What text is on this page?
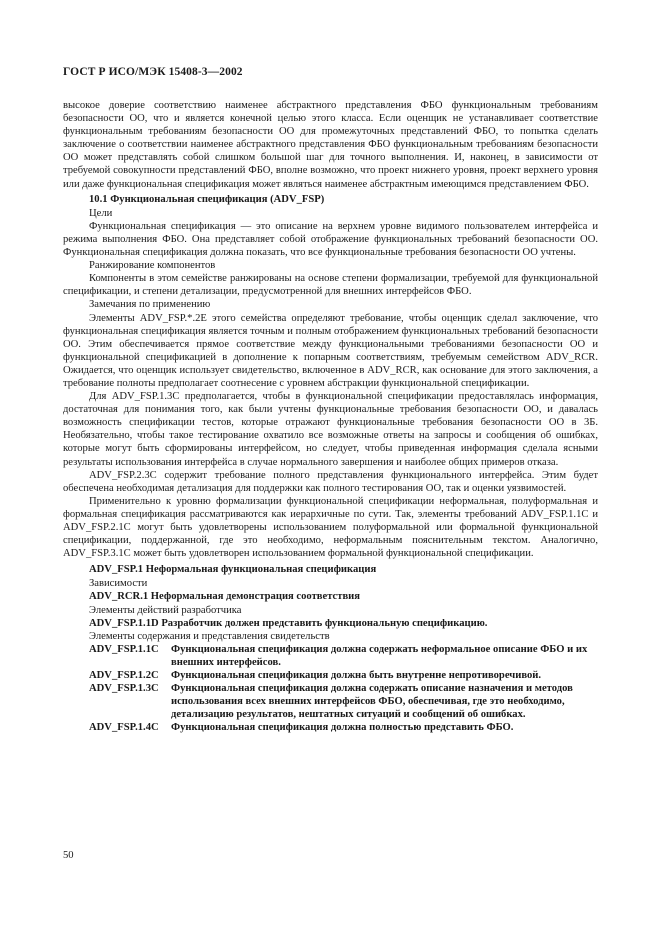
ГОСТ Р ИСО/МЭК 15408-3—2002

высокое доверие соответствию наименее абстрактного представления ФБО функциональным требованиям безопасности ОО, что и является конечной целью этого класса. Если оценщик не устанавливает соответствие функциональным требованиям безопасности ОО для промежуточных представлений ФБО, то попытка сделать заключение о соответствии наименее абстрактного представления ФБО функциональным требованиям безопасности ОО может представлять собой слишком большой шаг для точного выполнения. И, наконец, в зависимости от требуемой совокупности представлений ФБО, вполне возможно, что проект нижнего уровня, проект верхнего уровня или даже функциональная спецификация может являться наименее абстрактным имеющимся представлением ФБО.

10.1 Функциональная спецификация (ADV_FSP)

Цели

Функциональная спецификация — это описание на верхнем уровне видимого пользователем интерфейса и режима выполнения ФБО. Она представляет собой отображение функциональных требований безопасности ОО. Функциональная спецификация должна показать, что все функциональные требования безопасности ОО учтены.

Ранжирование компонентов

Компоненты в этом семействе ранжированы на основе степени формализации, требуемой для функциональной спецификации, и степени детализации, предусмотренной для внешних интерфейсов ФБО.

Замечания по применению

Элементы ADV_FSP.*.2E этого семейства определяют требование, чтобы оценщик сделал заключение, что функциональная спецификация является точным и полным отображением функциональных требований безопасности ОО. Этим обеспечивается прямое соответствие между функциональными требованиями безопасности ОО и функциональной спецификацией в дополнение к попарным соответствиям, требуемым семейством ADV_RCR. Ожидается, что оценщик использует свидетельство, включенное в ADV_RCR, как основание для этого заключения, а требование полноты предполагает соотнесение с уровнем абстракции функциональной спецификации.

Для ADV_FSP.1.3C предполагается, чтобы в функциональной спецификации предоставлялась информация, достаточная для понимания того, как были учтены функциональные требования безопасности ОО, и давалась возможность спецификации тестов, которые отражают функциональные требования безопасности ОО в 3Б. Необязательно, чтобы такое тестирование охватило все возможные ответы на запросы и сообщения об ошибках, которые могут быть сформированы интерфейсом, но следует, чтобы приведенная информация сделала ясными результаты использования интерфейса в случае нормального завершения и наиболее общих примеров отказа.

ADV_FSP.2.3C содержит требование полного представления функционального интерфейса. Этим будет обеспечена необходимая детализация для поддержки как полного тестирования ОО, так и оценки уязвимостей.

Применительно к уровню формализации функциональной спецификации неформальная, полуформальная и формальная спецификация рассматриваются как иерархичные по сути. Так, элементы требований ADV_FSP.1.1C и ADV_FSP.2.1C могут быть удовлетворены использованием полуформальной или формальной функциональной спецификации, поддержанной, где это необходимо, неформальным пояснительным текстом. Аналогично, ADV_FSP.3.1C может быть удовлетворен использованием формальной функциональной спецификации.

ADV_FSP.1 Неформальная функциональная спецификация

Зависимости

ADV_RCR.1 Неформальная демонстрация соответствия

Элементы действий разработчика

ADV_FSP.1.1D
Разработчик должен представить функциональную спецификацию.

Элементы содержания и представления свидетельств

ADV_FSP.1.1C	Функциональная спецификация должна содержать неформальное описание ФБО и их внешних интерфейсов.
ADV_FSP.1.2C	Функциональная спецификация должна быть внутренне непротиворечивой.
ADV_FSP.1.3C	Функциональная спецификация должна содержать описание назначения и методов использования всех внешних интерфейсов ФБО, обеспечивая, где это необходимо, детализацию результатов, нештатных ситуаций и сообщений об ошибках.
ADV_FSP.1.4C	Функциональная спецификация должна полностью представить ФБО.
50
